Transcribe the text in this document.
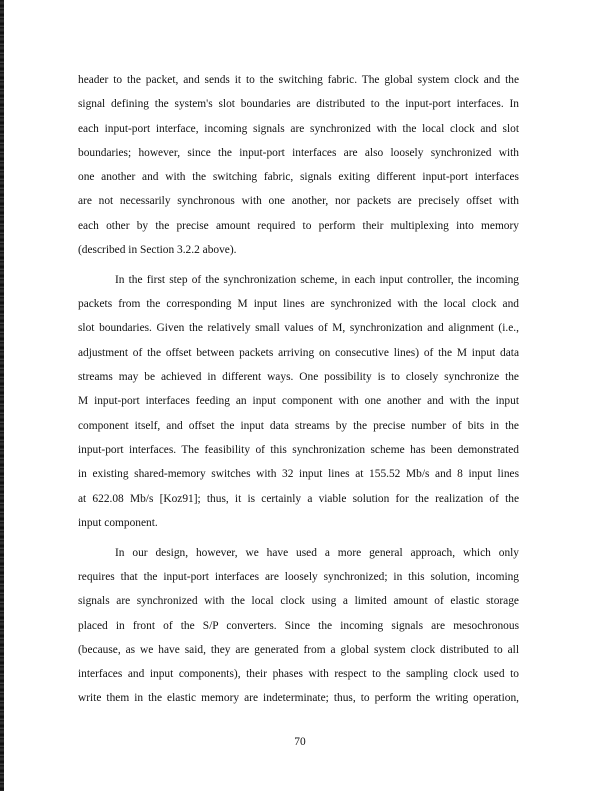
header to the packet, and sends it to the switching fabric. The global system clock and the
signal defining the system's slot boundaries are distributed to the input-port interfaces. In
each input-port interface, incoming signals are synchronized with the local clock and slot
boundaries; however, since the input-port interfaces are also loosely synchronized with
one another and with the switching fabric, signals exiting different input-port interfaces
are not necessarily synchronous with one another, nor packets are precisely offset with
each other by the precise amount required to perform their multiplexing into memory
(described in Section 3.2.2 above).
In the first step of the synchronization scheme, in each input controller, the incoming
packets from the corresponding M input lines are synchronized with the local clock and
slot boundaries. Given the relatively small values of M, synchronization and alignment (i.e.,
adjustment of the offset between packets arriving on consecutive lines) of the M input data
streams may be achieved in different ways. One possibility is to closely synchronize the
M input-port interfaces feeding an input component with one another and with the input
component itself, and offset the input data streams by the precise number of bits in the
input-port interfaces. The feasibility of this synchronization scheme has been demonstrated
in existing shared-memory switches with 32 input lines at 155.52 Mb/s and 8 input lines
at 622.08 Mb/s [Koz91]; thus, it is certainly a viable solution for the realization of the
input component.
In our design, however, we have used a more general approach, which only
requires that the input-port interfaces are loosely synchronized; in this solution, incoming
signals are synchronized with the local clock using a limited amount of elastic storage
placed in front of the S/P converters. Since the incoming signals are mesochronous
(because, as we have said, they are generated from a global system clock distributed to all
interfaces and input components), their phases with respect to the sampling clock used to
write them in the elastic memory are indeterminate; thus, to perform the writing operation,
70
